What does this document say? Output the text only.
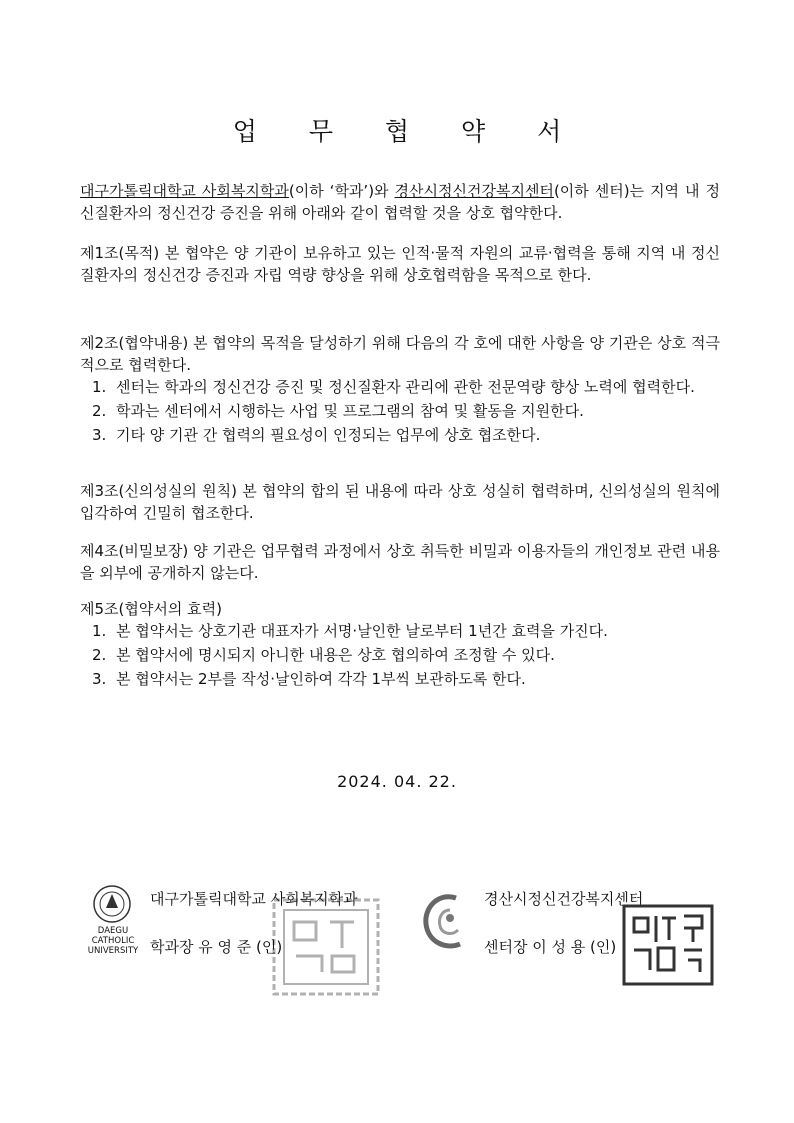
업 무 협 약 서
대구가톨릭대학교 사회복지학과(이하 ‘학과’)와 경산시정신건강복지센터(이하 센터)는 지역 내 정신질환자의 정신건강 증진을 위해 아래와 같이 협력할 것을 상호 협약한다.
제1조(목적) 본 협약은 양 기관이 보유하고 있는 인적·물적 자원의 교류·협력을 통해 지역 내 정신질환자의 정신건강 증진과 자립 역량 향상을 위해 상호협력함을 목적으로 한다.
제2조(협약내용) 본 협약의 목적을 달성하기 위해 다음의 각 호에 대한 사항을 양 기관은 상호 적극적으로 협력한다.
1. 센터는 학과의 정신건강 증진 및 정신질환자 관리에 관한 전문역량 향상 노력에 협력한다.
2. 학과는 센터에서 시행하는 사업 및 프로그램의 참여 및 활동을 지원한다.
3. 기타 양 기관 간 협력의 필요성이 인정되는 업무에 상호 협조한다.
제3조(신의성실의 원칙) 본 협약의 합의 된 내용에 따라 상호 성실히 협력하며, 신의성실의 원칙에 입각하여 긴밀히 협조한다.
제4조(비밀보장) 양 기관은 업무협력 과정에서 상호 취득한 비밀과 이용자들의 개인정보 관련 내용을 외부에 공개하지 않는다.
제5조(협약서의 효력)
1. 본 협약서는 상호기관 대표자가 서명·날인한 날로부터 1년간 효력을 가진다.
2. 본 협약서에 명시되지 아니한 내용은 상호 협의하여 조정할 수 있다.
3. 본 협약서는 2부를 작성·날인하여 각각 1부씩 보관하도록 한다.
2024. 04. 22.
DAEGU
CATHOLIC
UNIVERSITY
대구가톨릭대학교 사회복지학과
학과장 유 영 준 (인)
경산시정신건강복지센터
센터장 이 성 용 (인)
